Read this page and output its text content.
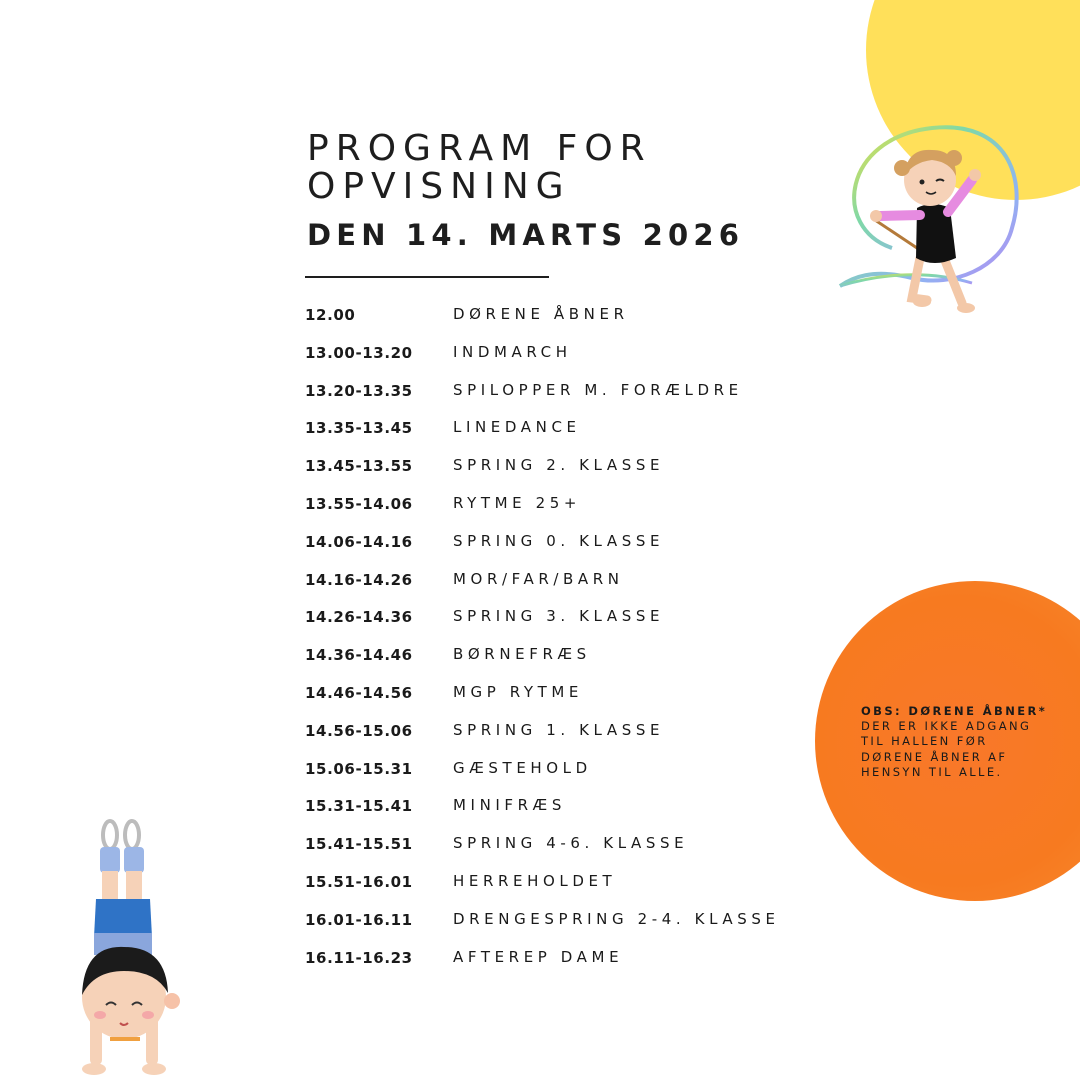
PROGRAM FOR
OPVISNING
DEN 14. MARTS 2026
12.00	DØRENE ÅBNER
13.00-13.20	INDMARCH
13.20-13.35	SPILOPPER M. FORÆLDRE
13.35-13.45	LINEDANCE
13.45-13.55	SPRING 2. KLASSE
13.55-14.06	RYTME 25+
14.06-14.16	SPRING 0. KLASSE
14.16-14.26	MOR/FAR/BARN
14.26-14.36	SPRING 3. KLASSE
14.36-14.46	BØRNEFRÆS
14.46-14.56	MGP RYTME
14.56-15.06	SPRING 1. KLASSE
15.06-15.31	GÆSTEHOLD
15.31-15.41	MINIFRÆS
15.41-15.51	SPRING 4-6. KLASSE
15.51-16.01	HERREHOLDET
16.01-16.11	DRENGESPRING 2-4. KLASSE
16.11-16.23	AFTEREP DAME
OBS: DØRENE ÅBNER*
DER ER IKKE ADGANG
TIL HALLEN FØR
DØRENE ÅBNER AF
HENSYN TIL ALLE.
